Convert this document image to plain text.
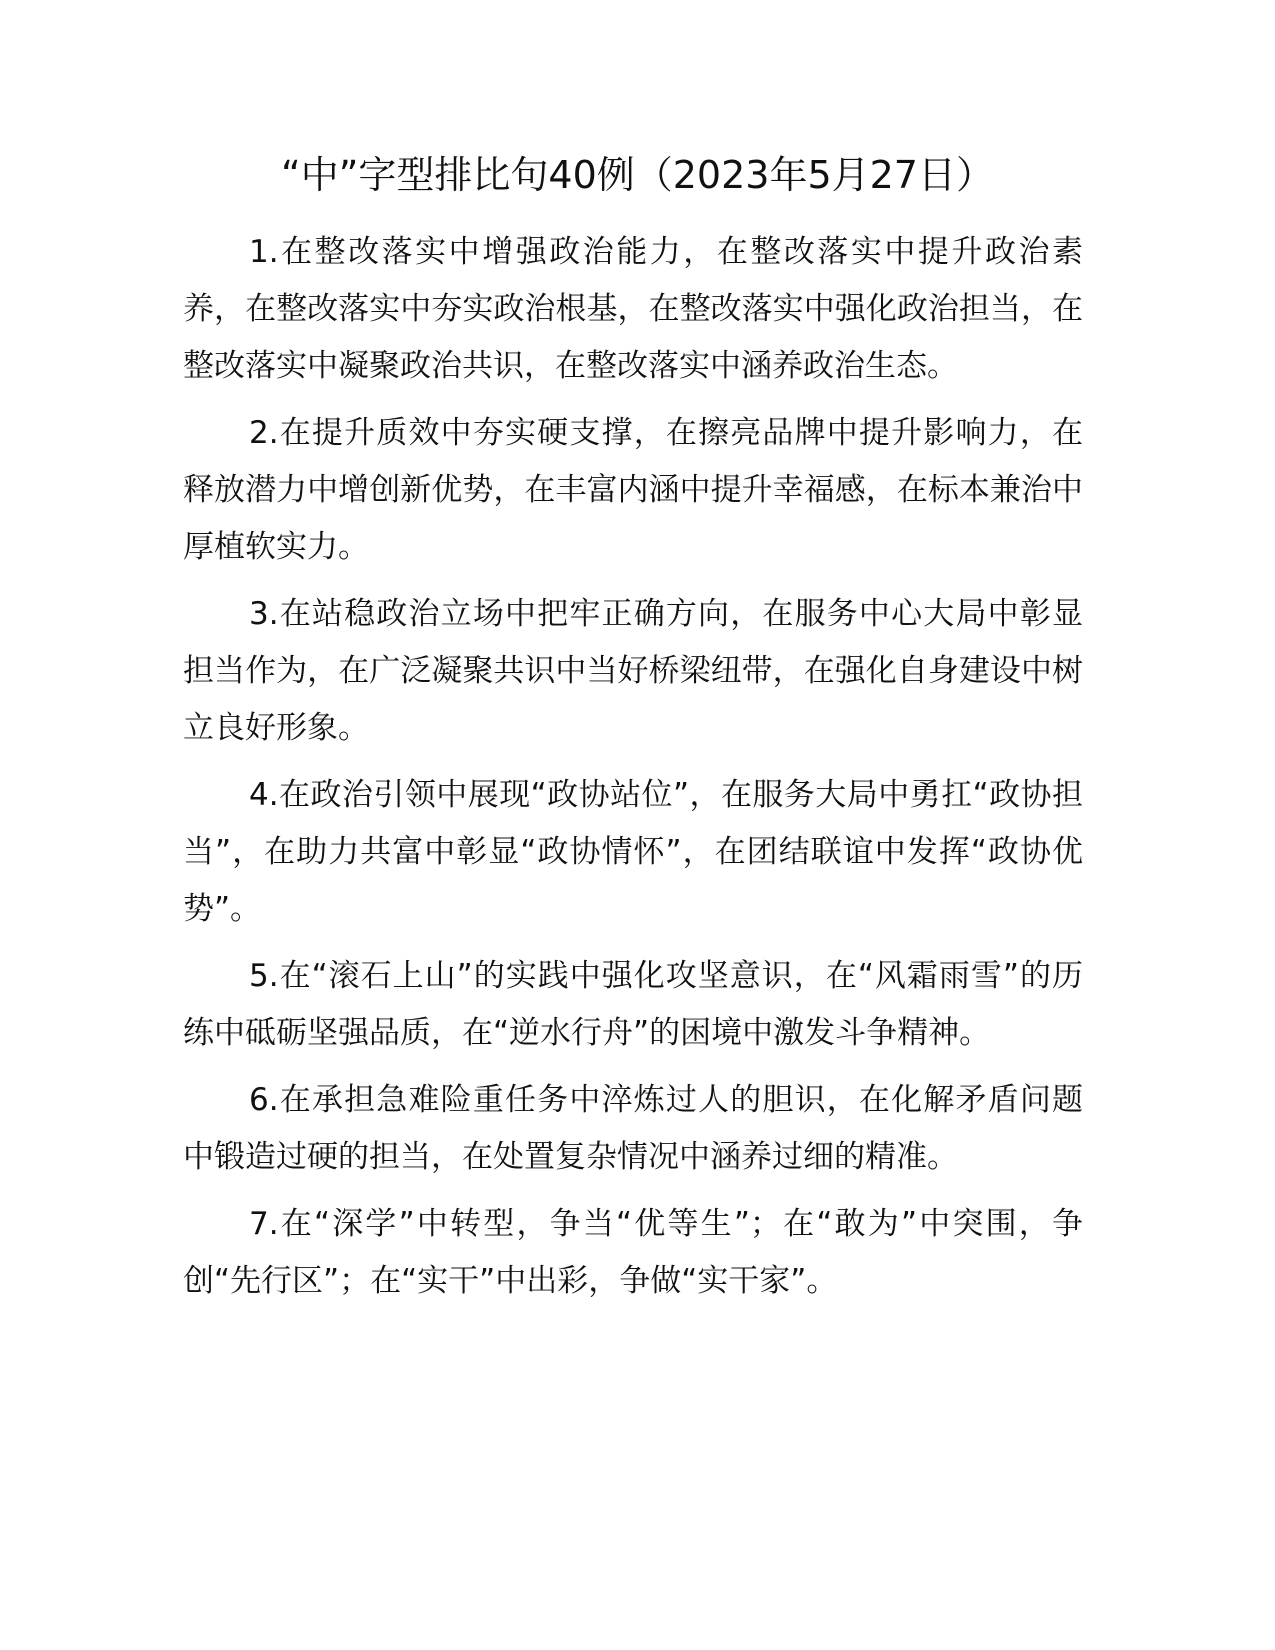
“中”字型排比句40例（2023年5月27日）

1.在整改落实中增强政治能力，在整改落实中提升政治素养，在整改落实中夯实政治根基，在整改落实中强化政治担当，在整改落实中凝聚政治共识，在整改落实中涵养政治生态。

2.在提升质效中夯实硬支撑，在擦亮品牌中提升影响力，在释放潜力中增创新优势，在丰富内涵中提升幸福感，在标本兼治中厚植软实力。

3.在站稳政治立场中把牢正确方向，在服务中心大局中彰显担当作为，在广泛凝聚共识中当好桥梁纽带，在强化自身建设中树立良好形象。

4.在政治引领中展现“政协站位”，在服务大局中勇扛“政协担当”，在助力共富中彰显“政协情怀”，在团结联谊中发挥“政协优势”。

5.在“滚石上山”的实践中强化攻坚意识，在“风霜雨雪”的历练中砥砺坚强品质，在“逆水行舟”的困境中激发斗争精神。

6.在承担急难险重任务中淬炼过人的胆识，在化解矛盾问题中锻造过硬的担当，在处置复杂情况中涵养过细的精准。

7.在“深学”中转型，争当“优等生”；在“敢为”中突围，争创“先行区”；在“实干”中出彩，争做“实干家”。
